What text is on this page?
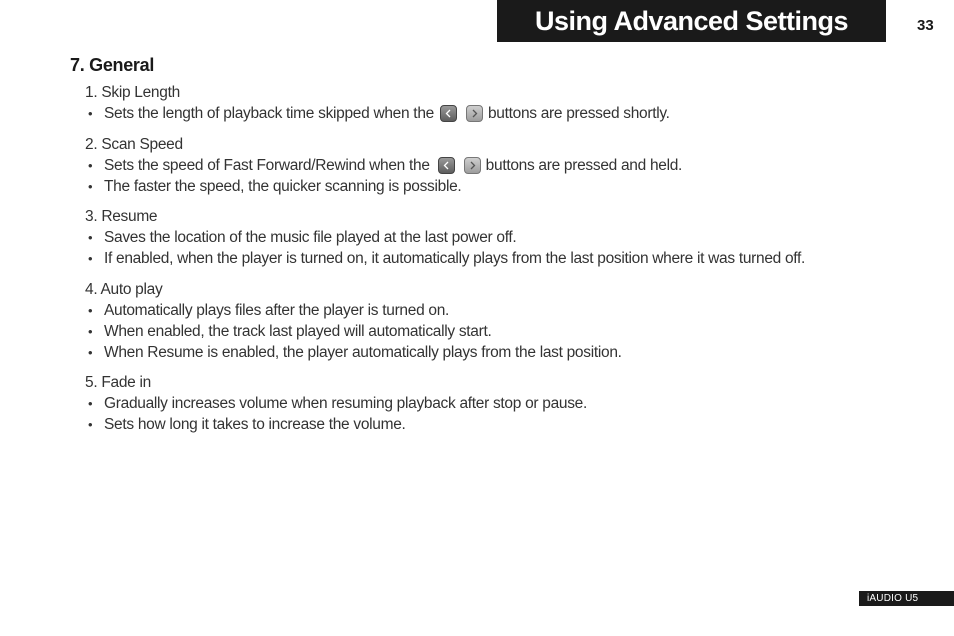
Using Advanced Settings	33
7. General
1. Skip Length
• Sets the length of playback time skipped when the	buttons are pressed shortly.
2. Scan Speed
• Sets the speed of Fast Forward/Rewind when the	buttons are pressed and held.
• The faster the speed, the quicker scanning is possible.
3. Resume
• Saves the location of the music file played at the last power off.
• If enabled, when the player is turned on, it automatically plays from the last position where it was turned off.
4. Auto play
• Automatically plays files after the player is turned on.
• When enabled, the track last played will automatically start.
• When Resume is enabled, the player automatically plays from the last position.
5. Fade in
• Gradually increases volume when resuming playback after stop or pause.
• Sets how long it takes to increase the volume.
iAUDIO U5
